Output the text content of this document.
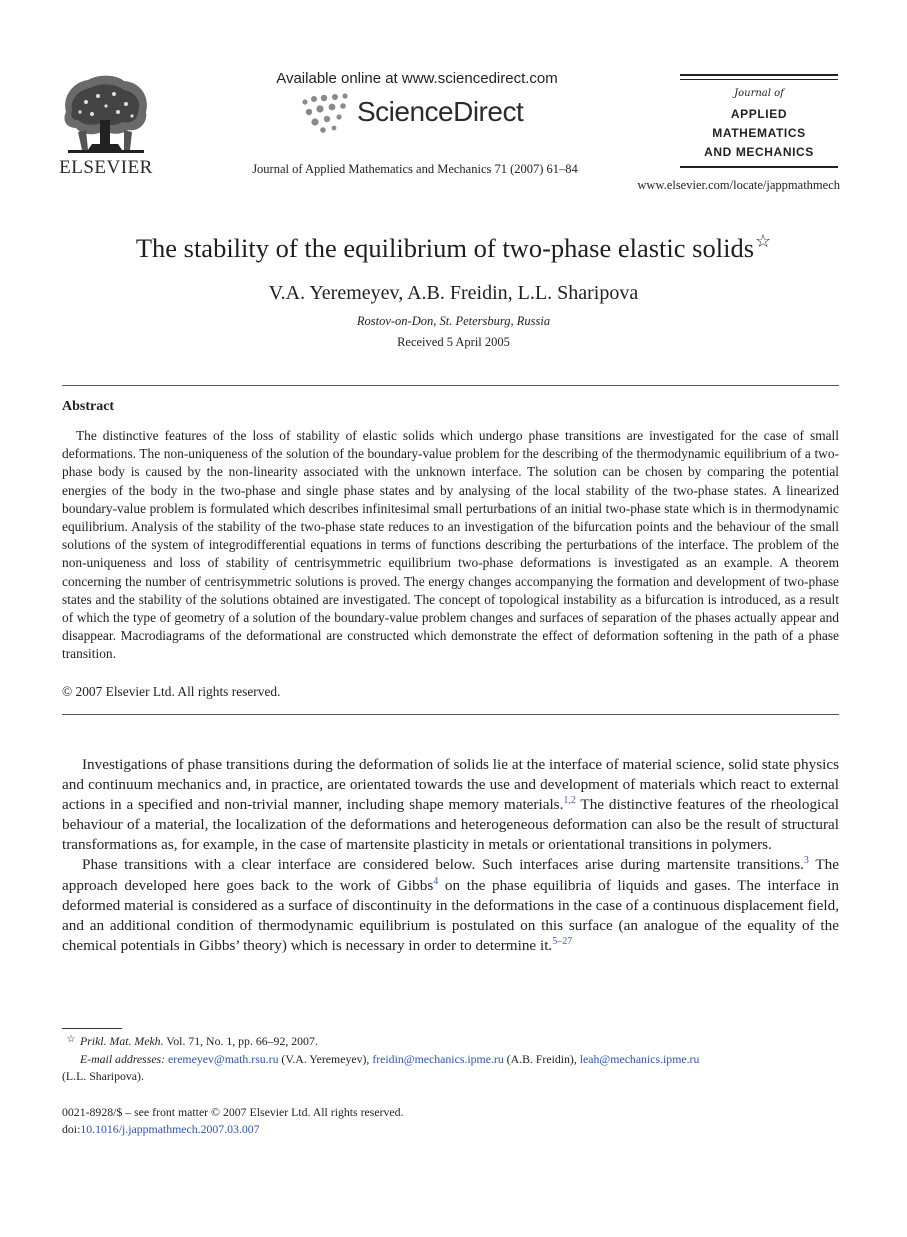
ELSEVIER
Available online at www.sciencedirect.com
ScienceDirect
Journal of Applied Mathematics and Mechanics 71 (2007) 61–84
Journal of
APPLIED
MATHEMATICS
AND MECHANICS
www.elsevier.com/locate/jappmathmech
The stability of the equilibrium of two-phase elastic solids☆
V.A. Yeremeyev, A.B. Freidin, L.L. Sharipova
Rostov-on-Don, St. Petersburg, Russia
Received 5 April 2005
Abstract

The distinctive features of the loss of stability of elastic solids which undergo phase transitions are investigated for the case of small deformations. The non-uniqueness of the solution of the boundary-value problem for the describing of the thermodynamic equilibrium of a two-phase body is caused by the non-linearity associated with the unknown interface. The solution can be chosen by comparing the potential energies of the body in the two-phase and single phase states and by analysing of the local stability of the two-phase states. A linearized boundary-value problem is formulated which describes infinitesimal small perturbations of an initial two-phase state which is in thermodynamic equilibrium. Analysis of the stability of the two-phase state reduces to an investigation of the bifurcation points and the behaviour of the small solutions of the system of integrodifferential equations in terms of functions describing the perturbations of the interface. The problem of the non-uniqueness and loss of stability of centrisymmetric equilibrium two-phase deformations is investigated as an example. A theorem concerning the number of centrisymmetric solutions is proved. The energy changes accompanying the formation and development of two-phase states and the stability of the solutions obtained are investigated. The concept of topological instability as a bifurcation is introduced, as a result of which the type of geometry of a solution of the boundary-value problem changes and surfaces of separation of the phases actually appear and disappear. Macrodiagrams of the deformational are constructed which demonstrate the effect of deformation softening in the path of a phase transition.

© 2007 Elsevier Ltd. All rights reserved.

Investigations of phase transitions during the deformation of solids lie at the interface of material science, solid state physics and continuum mechanics and, in practice, are orientated towards the use and development of materials which react to external actions in a specified and non-trivial manner, including shape memory materials.$^{1,2}$ The distinctive features of the rheological behaviour of a material, the localization of the deformations and heterogeneous deformation can also be the result of structural transformations as, for example, in the case of martensite plasticity in metals or orientational transitions in polymers.

Phase transitions with a clear interface are considered below. Such interfaces arise during martensite transitions.$^3$ The approach developed here goes back to the work of Gibbs$^4$ on the phase equilibria of liquids and gases. The interface in deformed material is considered as a surface of discontinuity in the deformations in the case of a continuous displacement field, and an additional condition of thermodynamic equilibrium is postulated on this surface (an analogue of the equality of the chemical potentials in Gibbs’ theory) which is necessary in order to determine it.$^{5-27}$

☆ Prikl. Mat. Mekh. Vol. 71, No. 1, pp. 66–92, 2007.
E-mail addresses: eremeyev@math.rsu.ru (V.A. Yeremeyev), freidin@mechanics.ipme.ru (A.B. Freidin), leah@mechanics.ipme.ru
(L.L. Sharipova).
0021-8928/$ – see front matter © 2007 Elsevier Ltd. All rights reserved.
doi:10.1016/j.jappmathmech.2007.03.007
